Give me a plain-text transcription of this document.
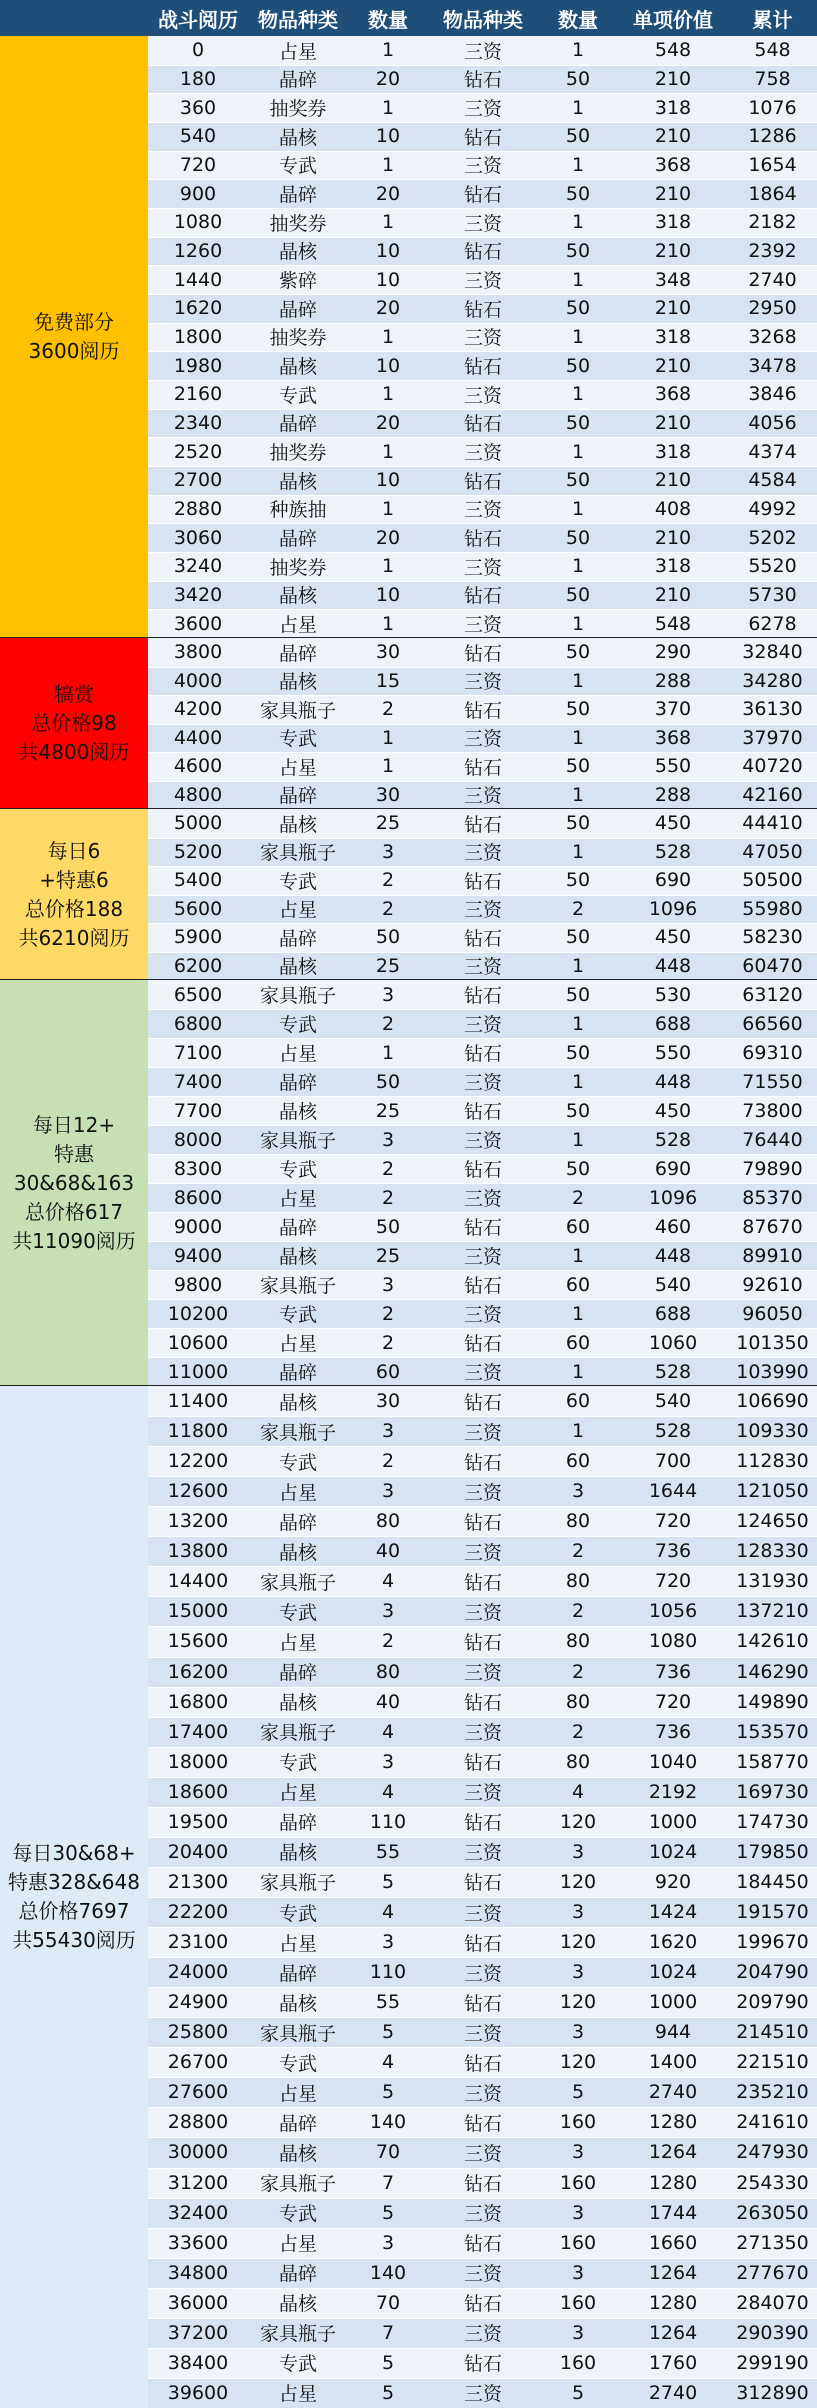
战斗阅历	物品种类	数量	物品种类	数量	单项价值	累计
免费部分
3600阅历
0	占星	1	三资	1	548	548
180	晶碎	20	钻石	50	210	758
360	抽奖券	1	三资	1	318	1076
540	晶核	10	钻石	50	210	1286
720	专武	1	三资	1	368	1654
900	晶碎	20	钻石	50	210	1864
1080	抽奖券	1	三资	1	318	2182
1260	晶核	10	钻石	50	210	2392
1440	紫碎	10	三资	1	348	2740
1620	晶碎	20	钻石	50	210	2950
1800	抽奖券	1	三资	1	318	3268
1980	晶核	10	钻石	50	210	3478
2160	专武	1	三资	1	368	3846
2340	晶碎	20	钻石	50	210	4056
2520	抽奖券	1	三资	1	318	4374
2700	晶核	10	钻石	50	210	4584
2880	种族抽	1	三资	1	408	4992
3060	晶碎	20	钻石	50	210	5202
3240	抽奖券	1	三资	1	318	5520
3420	晶核	10	钻石	50	210	5730
3600	占星	1	三资	1	548	6278
犒赏
总价格98
共4800阅历
3800	晶碎	30	钻石	50	290	32840
4000	晶核	15	三资	1	288	34280
4200	家具瓶子	2	钻石	50	370	36130
4400	专武	1	三资	1	368	37970
4600	占星	1	钻石	50	550	40720
4800	晶碎	30	三资	1	288	42160
每日6
+特惠6
总价格188
共6210阅历
5000	晶核	25	钻石	50	450	44410
5200	家具瓶子	3	三资	1	528	47050
5400	专武	2	钻石	50	690	50500
5600	占星	2	三资	2	1096	55980
5900	晶碎	50	钻石	50	450	58230
6200	晶核	25	三资	1	448	60470
每日12+
特惠
30&68&163
总价格617
共11090阅历
6500	家具瓶子	3	钻石	50	530	63120
6800	专武	2	三资	1	688	66560
7100	占星	1	钻石	50	550	69310
7400	晶碎	50	三资	1	448	71550
7700	晶核	25	钻石	50	450	73800
8000	家具瓶子	3	三资	1	528	76440
8300	专武	2	钻石	50	690	79890
8600	占星	2	三资	2	1096	85370
9000	晶碎	50	钻石	60	460	87670
9400	晶核	25	三资	1	448	89910
9800	家具瓶子	3	钻石	60	540	92610
10200	专武	2	三资	1	688	96050
10600	占星	2	钻石	60	1060	101350
11000	晶碎	60	三资	1	528	103990
每日30&68+
特惠328&648
总价格7697
共55430阅历
11400	晶核	30	钻石	60	540	106690
11800	家具瓶子	3	三资	1	528	109330
12200	专武	2	钻石	60	700	112830
12600	占星	3	三资	3	1644	121050
13200	晶碎	80	钻石	80	720	124650
13800	晶核	40	三资	2	736	128330
14400	家具瓶子	4	钻石	80	720	131930
15000	专武	3	三资	2	1056	137210
15600	占星	2	钻石	80	1080	142610
16200	晶碎	80	三资	2	736	146290
16800	晶核	40	钻石	80	720	149890
17400	家具瓶子	4	三资	2	736	153570
18000	专武	3	钻石	80	1040	158770
18600	占星	4	三资	4	2192	169730
19500	晶碎	110	钻石	120	1000	174730
20400	晶核	55	三资	3	1024	179850
21300	家具瓶子	5	钻石	120	920	184450
22200	专武	4	三资	3	1424	191570
23100	占星	3	钻石	120	1620	199670
24000	晶碎	110	三资	3	1024	204790
24900	晶核	55	钻石	120	1000	209790
25800	家具瓶子	5	三资	3	944	214510
26700	专武	4	钻石	120	1400	221510
27600	占星	5	三资	5	2740	235210
28800	晶碎	140	钻石	160	1280	241610
30000	晶核	70	三资	3	1264	247930
31200	家具瓶子	7	钻石	160	1280	254330
32400	专武	5	三资	3	1744	263050
33600	占星	3	钻石	160	1660	271350
34800	晶碎	140	三资	3	1264	277670
36000	晶核	70	钻石	160	1280	284070
37200	家具瓶子	7	三资	3	1264	290390
38400	专武	5	钻石	160	1760	299190
39600	占星	5	三资	5	2740	312890
